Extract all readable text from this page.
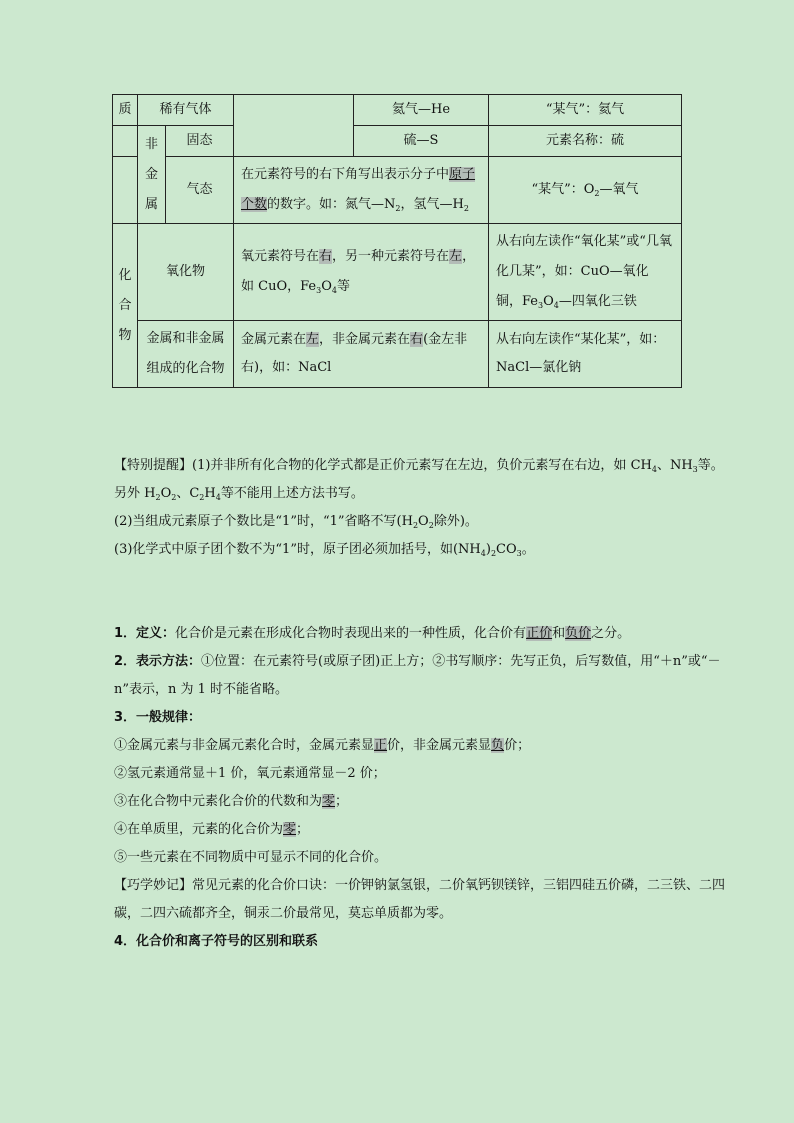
质	稀有气体			氦气—He	“某气”：氦气

	非金属	固态		硫—S	元素名称：硫
		气态	在元素符号的右下角写出表示分子中原子个数的数字。如：氮气$—N_2$，氢气$—H_2$		“某气”：$O_2—$氧气

化合物	氧化物		氧元素符号在右，另一种元素符号在左，如 CuO，$Fe_3O_4$等		从右向左读作“氧化某”或“几氧化几某”，如：CuO—氧化铜，$Fe_3O_4—$四氧化三铁
	金属和非金属组成的化合物		金属元素在左，非金属元素在右(金左非右)，如：NaCl		从右向左读作“某化某”，如：NaCl—氯化钠

【特别提醒】(1)并非所有化合物的化学式都是正价元素写在左边，负价元素写在右边，如 $CH_4$、$NH_3$等。另外 $H_2O_2$、$C_2H_4$等不能用上述方法书写。

(2)当组成元素原子个数比是“1”时，“1”省略不写($H_2O_2$除外)。

(3)化学式中原子团个数不为“1”时，原子团必须加括号，如$(NH_4)_2CO_3$。

1．定义：化合价是元素在形成化合物时表现出来的一种性质，化合价有正价和负价之分。

2．表示方法：①位置：在元素符号(或原子团)正上方；②书写顺序：先写正负，后写数值，用“＋n”或“－n”表示，n 为 1 时不能省略。

3．一般规律：

①金属元素与非金属元素化合时，金属元素显正价，非金属元素显负价；

②氢元素通常显＋1 价，氧元素通常显－2 价；

③在化合物中元素化合价的代数和为零；

④在单质里，元素的化合价为零；

⑤一些元素在不同物质中可显示不同的化合价。

【巧学妙记】常见元素的化合价口诀：一价钾钠氯氢银，二价氧钙钡镁锌，三铝四硅五价磷，二三铁、二四碳，二四六硫都齐全，铜汞二价最常见，莫忘单质都为零。

4．化合价和离子符号的区别和联系
